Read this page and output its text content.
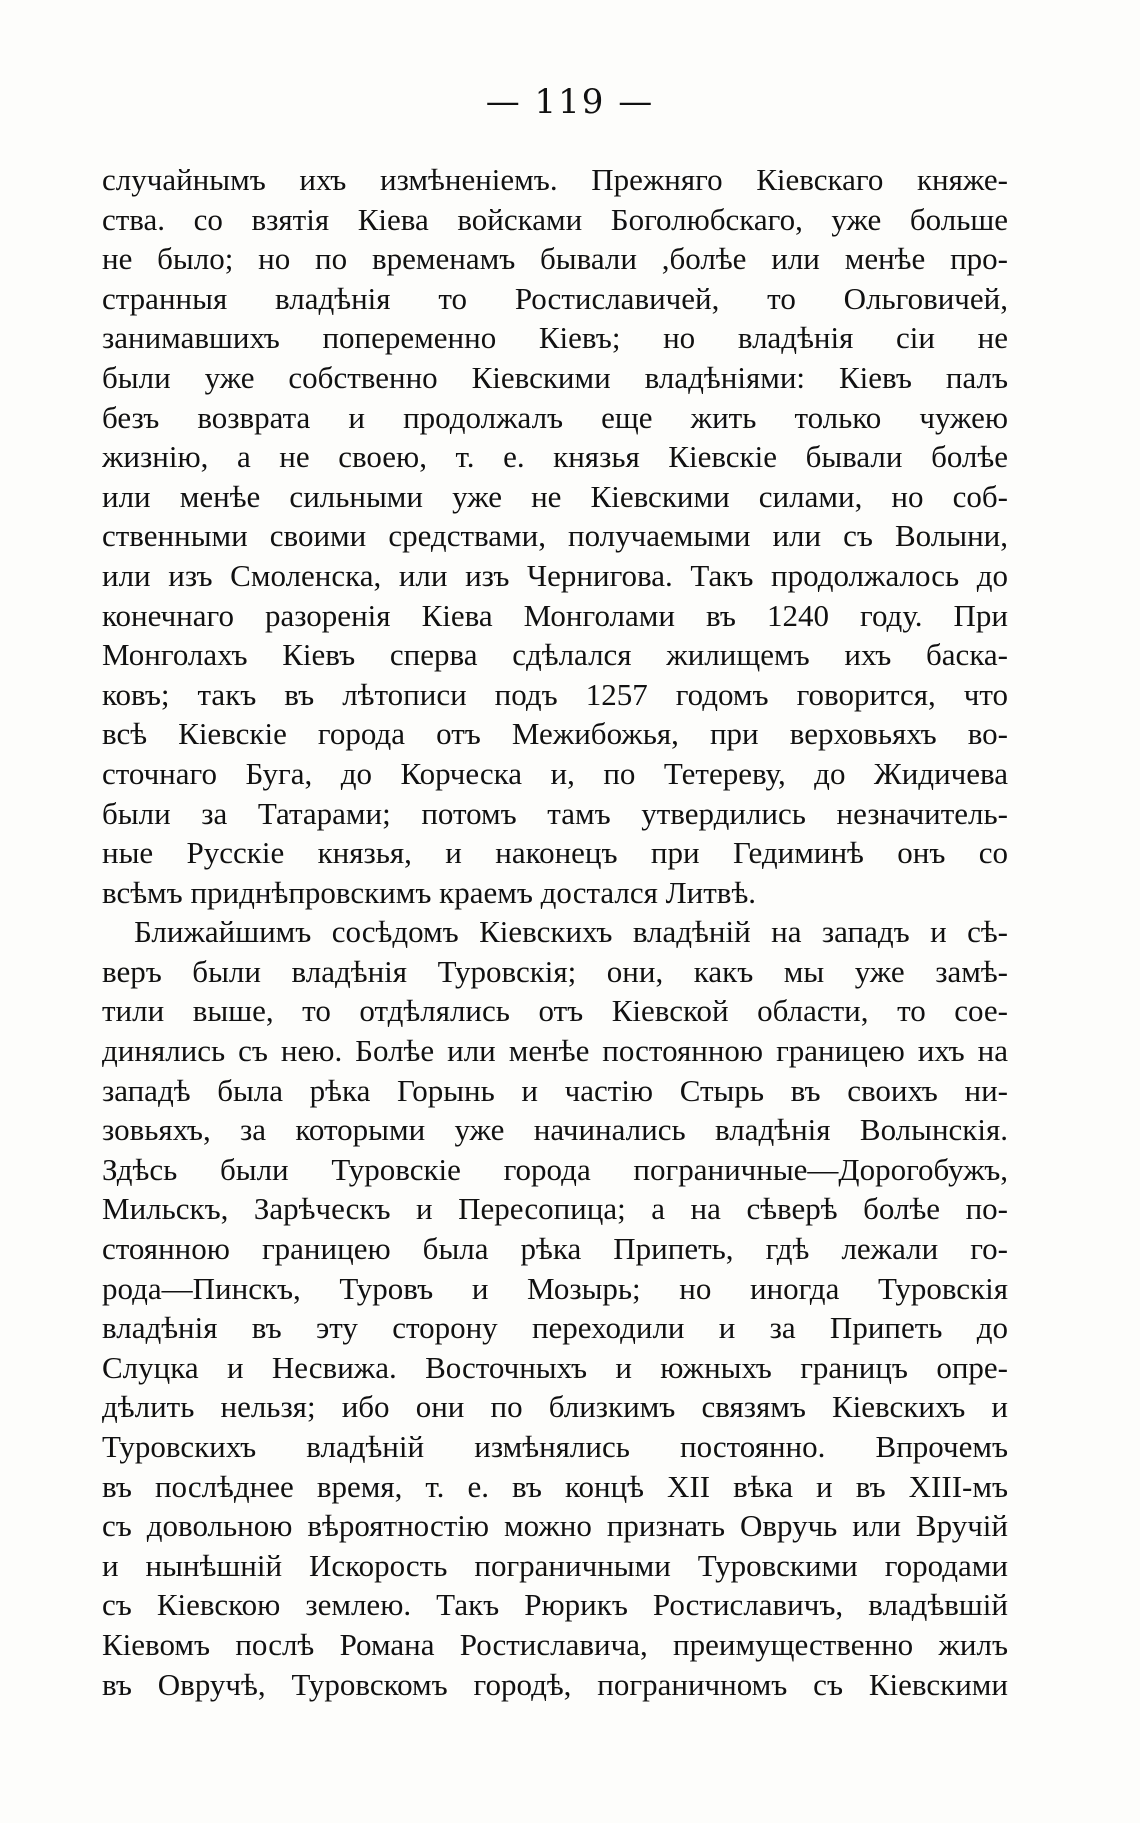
— 119 —
случайнымъ ихъ измѣненіемъ. Прежняго Кіевскаго княже-
ства. со взятія Кіева войсками Боголюбскаго, уже больше
не было; но по временамъ бывали ,болѣе или менѣе про-
странныя владѣнія то Ростиславичей, то Ольговичей,
занимавшихъ попеременно Кіевъ; но владѣнія сіи не
были уже собственно Кіевскими владѣніями: Кіевъ палъ
безъ возврата и продолжалъ еще жить только чужею
жизнію, а не своею, т. е. князья Кіевскіе бывали болѣе
или менѣе сильными уже не Кіевскими силами, но соб-
ственными своими средствами, получаемыми или съ Волыни,
или изъ Смоленска, или изъ Чернигова. Такъ продолжалось до
конечнаго разоренія Кіева Монголами въ 1240 году. При
Монголахъ Кіевъ сперва сдѣлался жилищемъ ихъ баска-
ковъ; такъ въ лѣтописи подъ 1257 годомъ говорится, что
всѣ Кіевскіе города отъ Межибожья, при верховьяхъ во-
сточнаго Буга, до Корческа и, по Тетереву, до Жидичева
были за Татарами; потомъ тамъ утвердились незначитель-
ные Русскіе князья, и наконецъ при Гедиминѣ онъ со
всѣмъ приднѣпровскимъ краемъ достался Литвѣ.
Ближайшимъ сосѣдомъ Кіевскихъ владѣній на западъ и сѣ-
веръ были владѣнія Туровскія; они, какъ мы уже замѣ-
тили выше, то отдѣлялись отъ Кіевской области, то сое-
динялись съ нею. Болѣе или менѣе постоянною границею ихъ на
западѣ была рѣка Горынь и частію Стырь въ своихъ ни-
зовьяхъ, за которыми уже начинались владѣнія Волынскія.
Здѣсь были Туровскіе города пограничные—Дорогобужъ,
Мильскъ, Зарѣческъ и Пересопица; а на сѣверѣ болѣе по-
стоянною границею была рѣка Припеть, гдѣ лежали го-
рода—Пинскъ, Туровъ и Мозырь; но иногда Туровскія
владѣнія въ эту сторону переходили и за Припеть до
Слуцка и Несвижа. Восточныхъ и южныхъ границъ опре-
дѣлить нельзя; ибо они по близкимъ связямъ Кіевскихъ и
Туровскихъ владѣній измѣнялись постоянно. Впрочемъ
въ послѣднее время, т. е. въ концѣ XII вѣка и въ XIII-мъ
съ довольною вѣроятностію можно признать Овручь или Вручій
и нынѣшній Искорость пограничными Туровскими городами
съ Кіевскою землею. Такъ Рюрикъ Ростиславичъ, владѣвшій
Кіевомъ послѣ Романа Ростиславича, преимущественно жилъ
въ Овручѣ, Туровскомъ городѣ, пограничномъ съ Кіевскими
